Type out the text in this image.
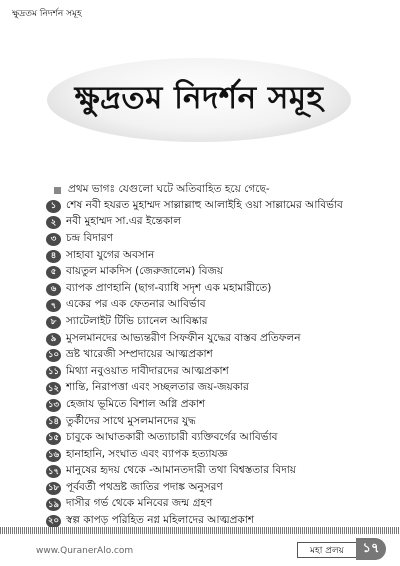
ক্ষুদ্রতম নিদর্শন সমূহ
ক্ষুদ্রতম নিদর্শন সমূহ
প্রথম ভাগঃ যেগুলো ঘটে অতিবাহিত হয়ে গেছে-
১ শেষ নবী হযরত মুহাম্মদ সাল্লাল্লাহু আলাইহি ওয়া সাল্লামের আবির্ভাব
২ নবী মুহাম্মদ সা.এর ইন্তেকাল
৩ চন্দ্র বিদারণ
৪ সাহাবা যুগের অবসান
৫ বায়তুল মাকদিস (জেরুজালেম) বিজয়
৬ ব্যাপক প্রাণহানি (ছাগ-ব্যাধি সদৃশ এক মহামারীতে)
৭ একের পর এক ফেতনার আবির্ভাব
৮ স্যাটেলাইট টিভি চ্যানেল আবিষ্কার
৯ মুসলমানদের আভ্যন্তরীণ সিফফীন যুদ্ধের বাস্তব প্রতিফলন
১০ ভ্রষ্ট খারেজী সম্প্রদায়ের আত্মপ্রকাশ
১১ মিথ্যা নবুওয়াত দাবীদারদের আত্মপ্রকাশ
১২ শান্তি, নিরাপত্তা এবং সচ্ছলতার জয়-জয়কার
১৩ হেজায ভূমিতে বিশাল অগ্নি প্রকাশ
১৪ তুর্কীদের সাথে মুসলমানদের যুদ্ধ
১৫ চাবুকে আঘাতকারী অত্যাচারী ব্যক্তিবর্গের আবির্ভাব
১৬ হানাহানি, সংঘাত এবং ব্যাপক হত্যাযজ্ঞ
১৭ মানুষের হৃদয় থেকে -আমানতদারী তথা বিশ্বস্ততার বিদায়
১৮ পূর্ববর্তী পথভ্রষ্ট জাতির পদাঙ্ক অনুসরণ
১৯ দাসীর গর্ভ থেকে মনিবের জন্ম গ্রহণ
২০ স্বল্প কাপড় পরিহিত নগ্ন মহিলাদের আত্মপ্রকাশ
www.QuranerAlo.com	মহা প্রলয়	১৭
